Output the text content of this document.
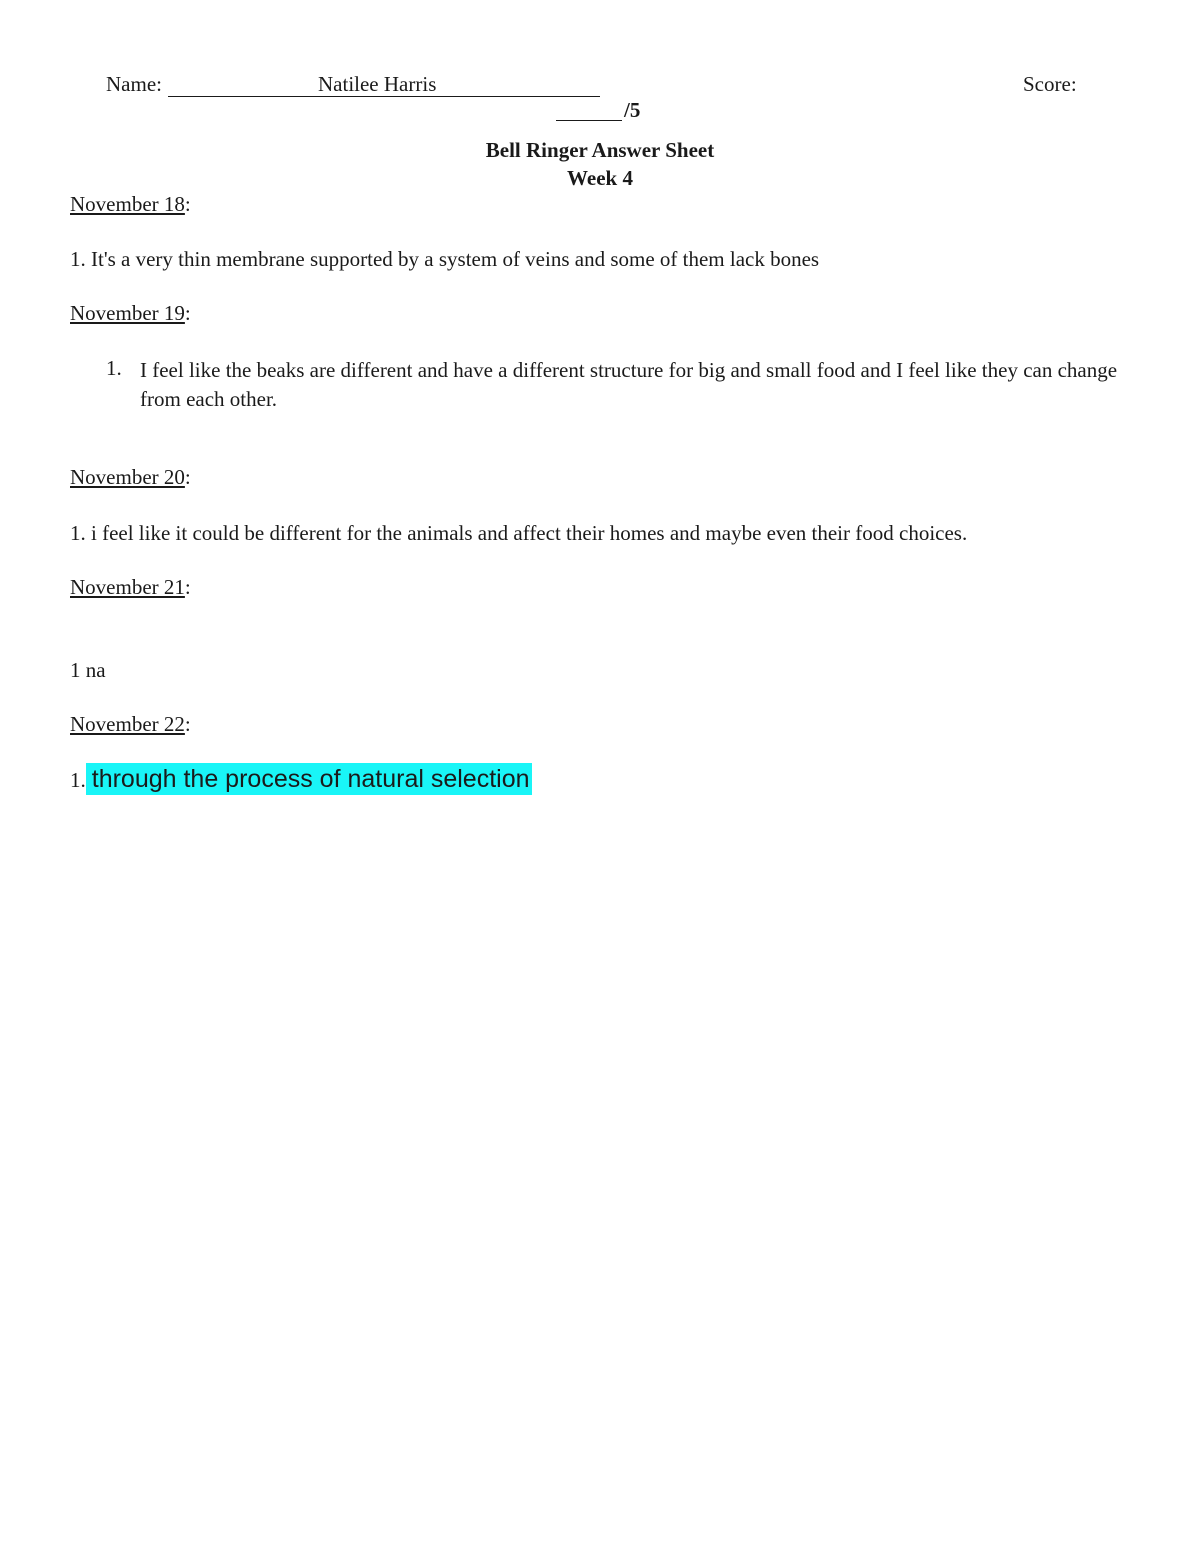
Name:	Natilee Harris	Score:
/5
Bell Ringer Answer Sheet
Week 4
November 18:
1. It's a very thin membrane supported by a system of veins and some of them lack bones
November 19:
1. I feel like the beaks are different and have a different structure for big and small food and I feel like they can change from each other.
November 20:
1. i feel like it could be different for the animals and affect their homes and maybe even their food choices.
November 21:
1 na
November 22:
1. through the process of natural selection
